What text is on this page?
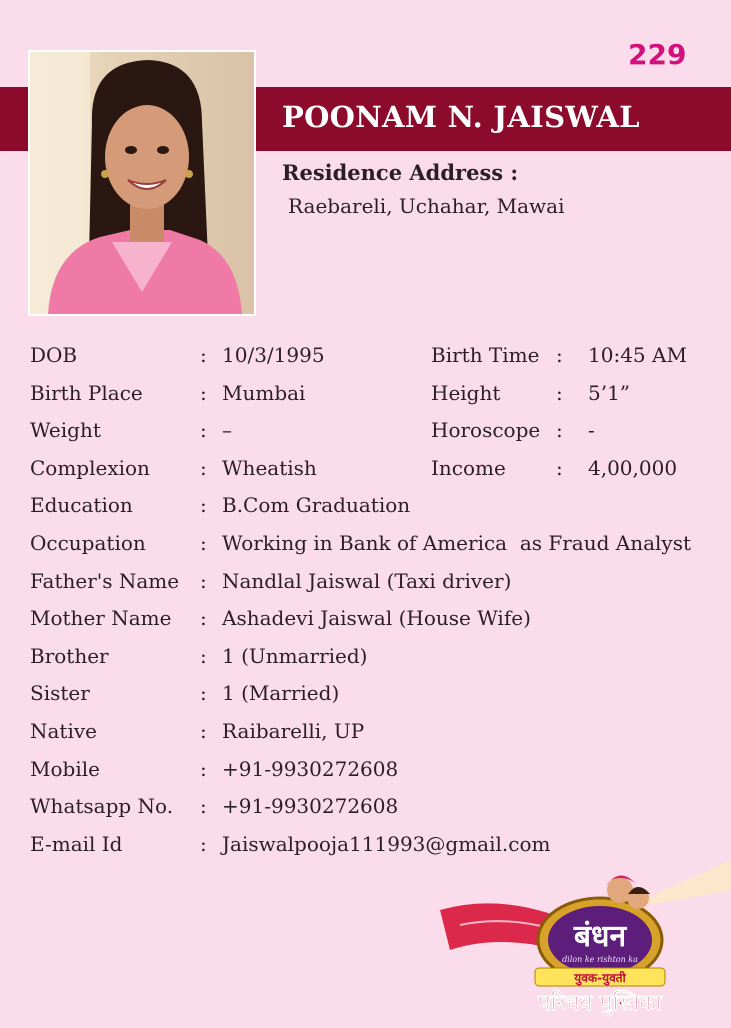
229
POONAM N. JAISWAL
Residence Address :
Raebareli, Uchahar, Mawai
DOB	: 10/3/1995	Birth Time : 10:45 AM
Birth Place	: Mumbai	Height	: 5’1”
Weight	: –	Horoscope : -
Complexion	: Wheatish	Income	: 4,00,000
Education	: B.Com Graduation
Occupation	: Working in Bank of America  as Fraud Analyst
Father's Name : Nandlal Jaiswal (Taxi driver)
Mother Name : Ashadevi Jaiswal (House Wife)
Brother	: 1 (Unmarried)
Sister	: 1 (Married)
Native	: Raibarelli, UP
Mobile	: +91-9930272608
Whatsapp No. : +91-9930272608
E-mail Id	: Jaiswalpooja111993@gmail.com
बंधन
dilon ke rishton ka
युवक-युवती
परिचय पुस्तिका
